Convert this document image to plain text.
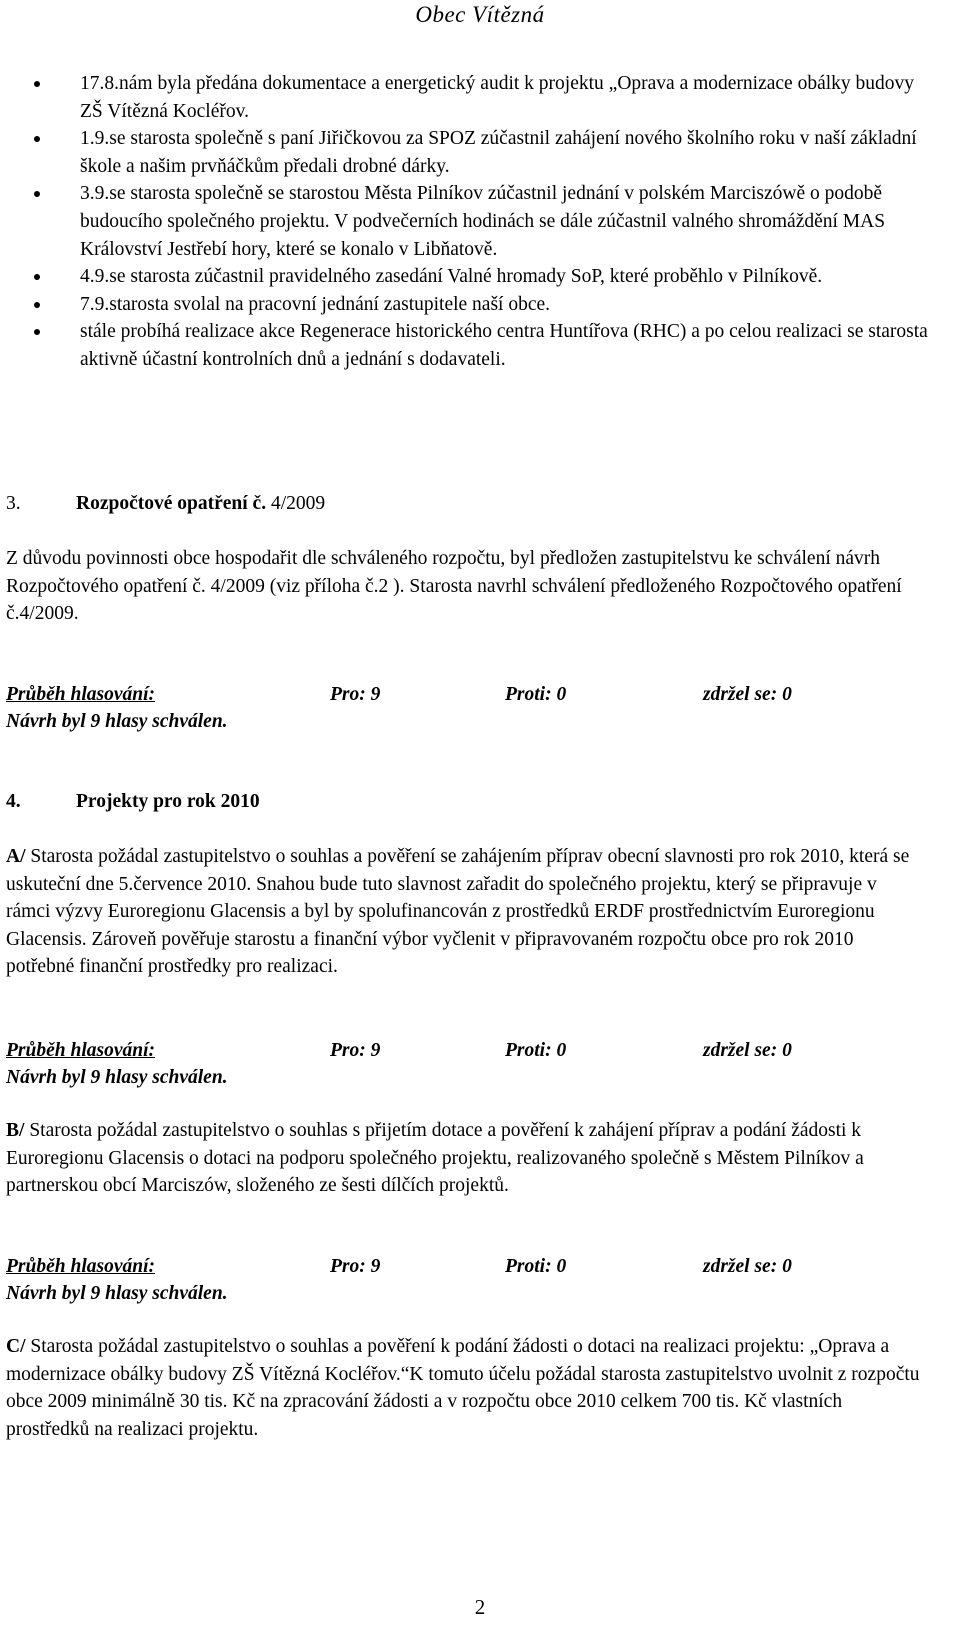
Obec Vítězná
17.8.nám byla předána dokumentace a energetický audit k projektu „Oprava a modernizace obálky budovy ZŠ Vítězná Kocléřov.
1.9.se starosta společně s paní Jiřičkovou za SPOZ zúčastnil zahájení nového školního roku v naší základní škole a našim prvňáčkům předali drobné dárky.
3.9.se starosta společně se starostou Města Pilníkov zúčastnil jednání v polském Marciszówě o podobě budoucího společného projektu. V podvečerních hodinách se dále zúčastnil valného shromáždění MAS Království Jestřebí hory, které se konalo v Libňatově.
4.9.se starosta zúčastnil pravidelného zasedání Valné hromady SoP, které proběhlo v Pilníkově.
7.9.starosta svolal na pracovní jednání zastupitele naší obce.
stále probíhá realizace akce Regenerace historického centra Huntířova (RHC) a po celou realizaci se starosta aktivně účastní kontrolních dnů a jednání s dodavateli.
3.	Rozpočtové opatření č. 4/2009
Z důvodu povinnosti obce hospodařit dle schváleného rozpočtu, byl předložen zastupitelstvu ke schválení návrh Rozpočtového opatření č. 4/2009 (viz příloha č.2 ). Starosta navrhl schválení předloženého Rozpočtového opatření č.4/2009.
Průběh hlasování:	Pro: 9	Proti: 0	zdržel se: 0
Návrh byl 9 hlasy schválen.
4.	Projekty pro rok 2010
A/ Starosta požádal zastupitelstvo o souhlas a pověření se zahájením příprav obecní slavnosti pro rok 2010, která se uskuteční dne 5.července 2010. Snahou bude tuto slavnost zařadit do společného projektu, který se připravuje v rámci výzvy Euroregionu Glacensis a byl by spolufinancován z prostředků ERDF prostřednictvím Euroregionu Glacensis. Zároveň pověřuje starostu a finanční výbor vyčlenit v připravovaném rozpočtu obce pro rok 2010 potřebné finanční prostředky pro realizaci.
Průběh hlasování:	Pro: 9	Proti: 0	zdržel se: 0
Návrh byl 9 hlasy schválen.
B/ Starosta požádal zastupitelstvo o souhlas s přijetím dotace a pověření k zahájení příprav a podání žádosti k Euroregionu Glacensis o dotaci na podporu společného projektu, realizovaného společně s Městem Pilníkov a partnerskou obcí Marciszów, složeného ze šesti dílčích projektů.
Průběh hlasování:	Pro: 9	Proti: 0	zdržel se: 0
Návrh byl 9 hlasy schválen.
C/ Starosta požádal zastupitelstvo o souhlas a pověření k podání žádosti o dotaci na realizaci projektu: „Oprava a modernizace obálky budovy ZŠ Vítězná Kocléřov.“K tomuto účelu požádal starosta zastupitelstvo uvolnit z rozpočtu obce 2009 minimálně 30 tis. Kč na zpracování žádosti a v rozpočtu obce 2010 celkem 700 tis. Kč vlastních prostředků na realizaci projektu.
2
